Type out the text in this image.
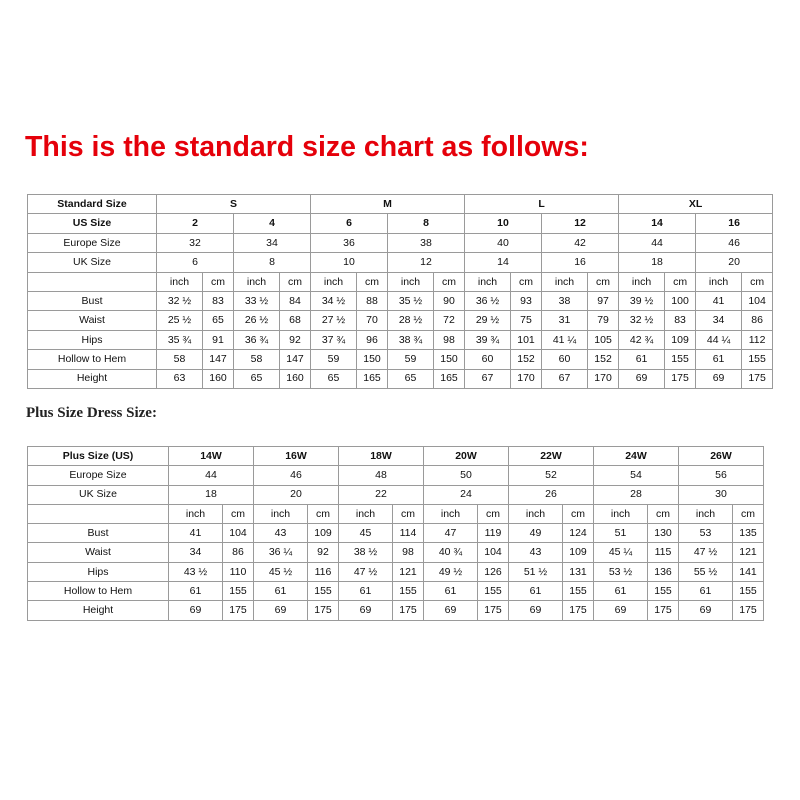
This is the standard size chart as follows:
Standard Size	S				M				L				XL			
US Size	2		4		6		8		10		12		14		16	
Europe Size	32		34		36		38		40		42		44		46	
UK Size	6		8		10		12		14		16		18		20	
	inch	cm	inch	cm	inch	cm	inch	cm	inch	cm	inch	cm	inch	cm	inch	cm
Bust	32 ½	83	33 ½	84	34 ½	88	35 ½	90	36 ½	93	38	97	39 ½	100	41	104
Waist	25 ½	65	26 ½	68	27 ½	70	28 ½	72	29 ½	75	31	79	32 ½	83	34	86
Hips	35 ¾	91	36 ¾	92	37 ¾	96	38 ¾	98	39 ¾	101	41 ¼	105	42 ¾	109	44 ¼	112
Hollow to Hem	58	147	58	147	59	150	59	150	60	152	60	152	61	155	61	155
Height	63	160	65	160	65	165	65	165	67	170	67	170	69	175	69	175
Plus Size Dress Size:
Plus Size (US)	14W		16W		18W		20W		22W		24W		26W	
Europe Size	44		46		48		50		52		54		56	
UK Size	18		20		22		24		26		28		30	
	inch	cm	inch	cm	inch	cm	inch	cm	inch	cm	inch	cm	inch	cm
Bust	41	104	43	109	45	114	47	119	49	124	51	130	53	135
Waist	34	86	36 ¼	92	38 ½	98	40 ¾	104	43	109	45 ¼	115	47 ½	121
Hips	43 ½	110	45 ½	116	47 ½	121	49 ½	126	51 ½	131	53 ½	136	55 ½	141
Hollow to Hem	61	155	61	155	61	155	61	155	61	155	61	155	61	155
Height	69	175	69	175	69	175	69	175	69	175	69	175	69	175
